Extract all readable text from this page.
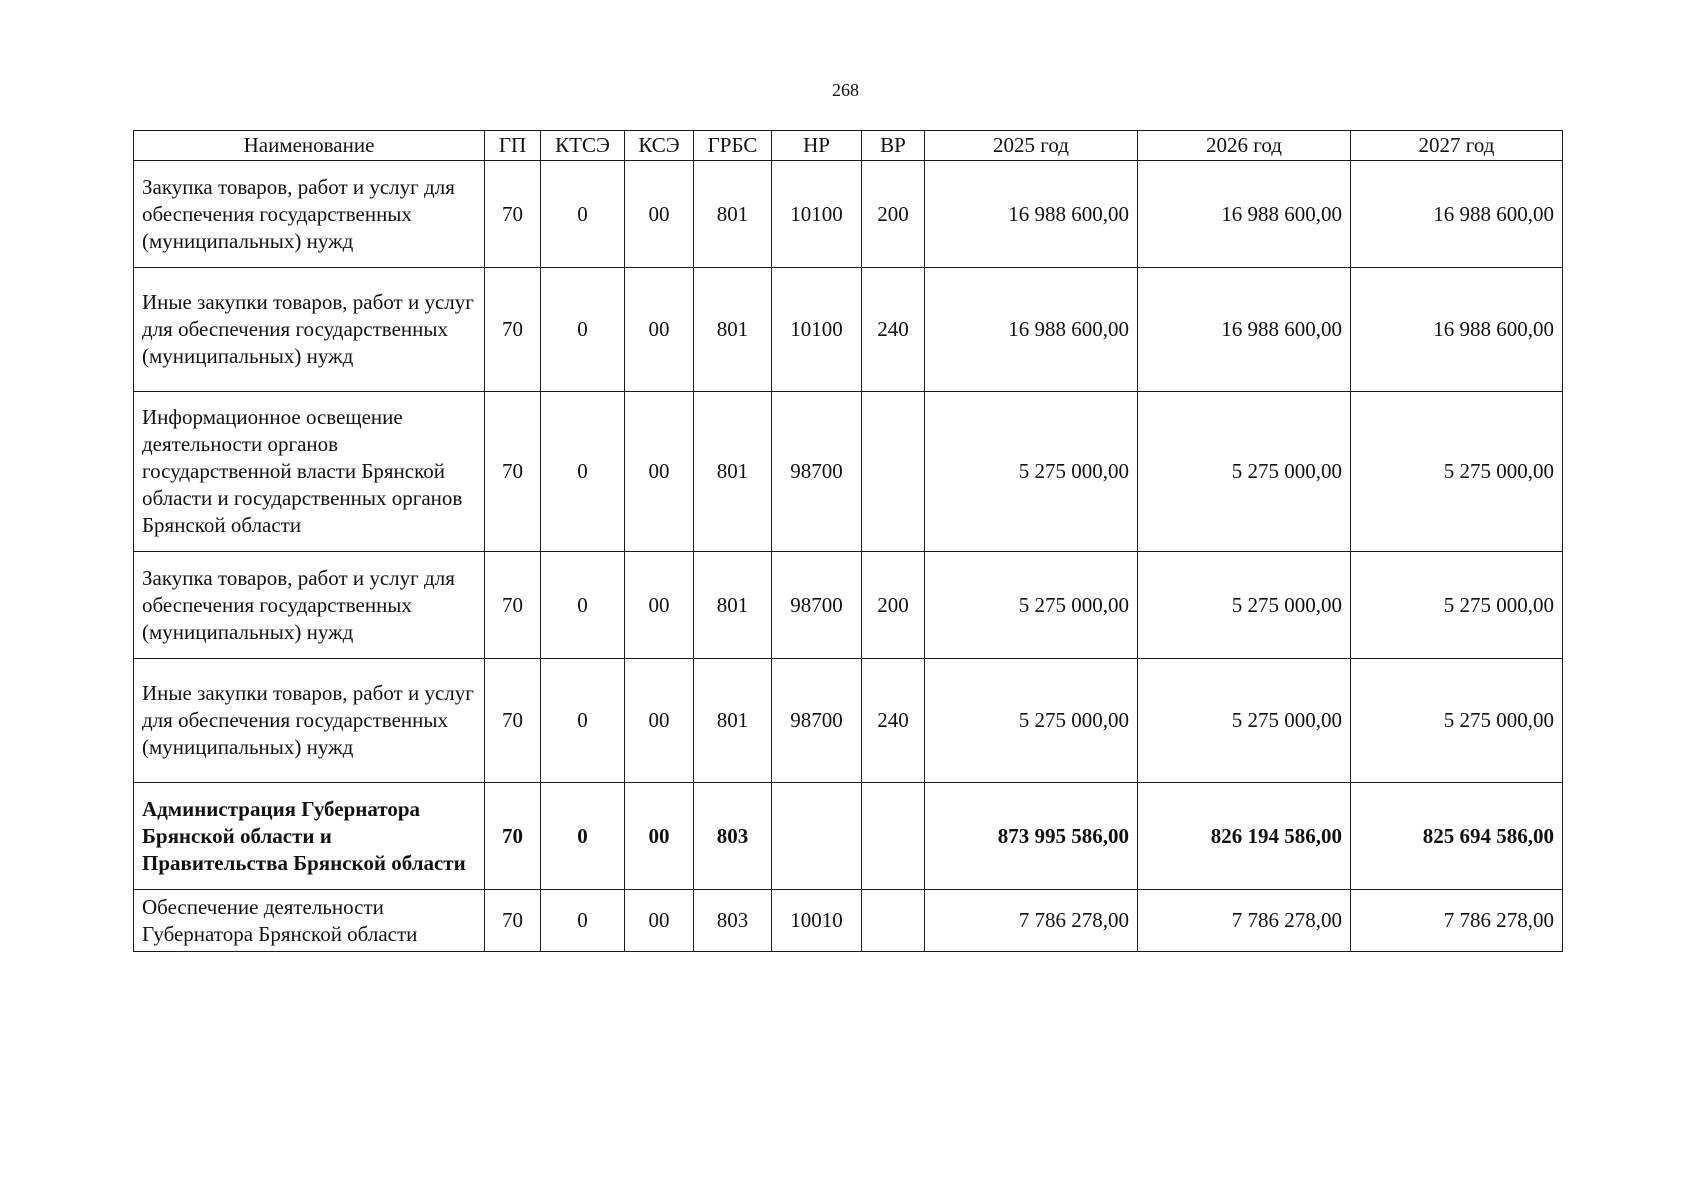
268
Наименование	ГП	КТСЭ	КСЭ	ГРБС	НР	ВР	2025 год	2026 год	2027 год
Закупка товаров, работ и услуг для обеспечения государственных (муниципальных) нужд	70	0	00	801	10100	200	16 988 600,00	16 988 600,00	16 988 600,00
Иные закупки товаров, работ и услуг для обеспечения государственных (муниципальных) нужд	70	0	00	801	10100	240	16 988 600,00	16 988 600,00	16 988 600,00
Информационное освещение деятельности органов государственной власти Брянской области и государственных органов Брянской области	70	0	00	801	98700		5 275 000,00	5 275 000,00	5 275 000,00
Закупка товаров, работ и услуг для обеспечения государственных (муниципальных) нужд	70	0	00	801	98700	200	5 275 000,00	5 275 000,00	5 275 000,00
Иные закупки товаров, работ и услуг для обеспечения государственных (муниципальных) нужд	70	0	00	801	98700	240	5 275 000,00	5 275 000,00	5 275 000,00
Администрация Губернатора Брянской области и Правительства Брянской области	70	0	00	803			873 995 586,00	826 194 586,00	825 694 586,00
Обеспечение деятельности Губернатора Брянской области	70	0	00	803	10010		7 786 278,00	7 786 278,00	7 786 278,00
